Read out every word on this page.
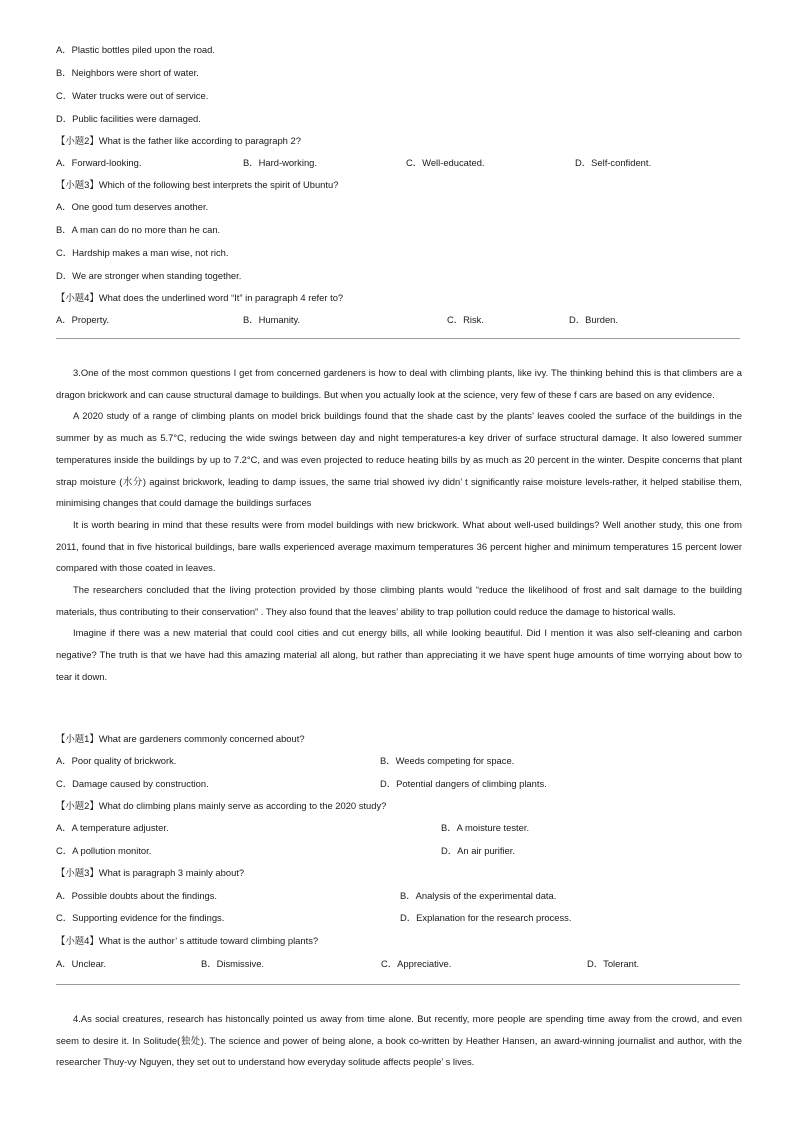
A．Plastic bottles piled upon the road.
B．Neighbors were short of water.
C．Water trucks were out of service.
D．Public facilities were damaged.
【小题2】What is the father like according to paragraph 2?
A．Forward-looking.	B．Hard-working.	C．Well-educated.	D．Self-confident.
【小题3】Which of the following best interprets the spirit of Ubuntu?
A．One good tum deserves another.
B．A man can do no more than he can.
C．Hardship makes a man wise, not rich.
D．We are stronger when standing together.
【小题4】What does the underlined word “It” in paragraph 4 refer to?
A．Property.	B．Humanity.	C．Risk.	D．Burden.

3.One of the most common questions I get from concerned gardeners is how to deal with climbing plants, like ivy. The thinking behind this is that climbers are a dragon brickwork and can cause structural damage to buildings. But when you actually look at the science, very few of these f cars are based on any evidence.

A 2020 study of a range of climbing plants on model brick buildings found that the shade cast by the plants’ leaves cooled the surface of the buildings in the summer by as much as 5.7°C, reducing the wide swings between day and night temperatures-a key driver of surface structural damage. It also lowered summer temperatures inside the buildings by up to 7.2°C, and was even projected to reduce heating bills by as much as 20 percent in the winter. Despite concerns that plant strap moisture (水分) against brickwork, leading to damp issues, the same trial showed ivy didn’ t significantly raise moisture levels-rather, it helped stabilise them, minimising changes that could damage the buildings surfaces

It is worth bearing in mind that these results were from model buildings with new brickwork. What about well-used buildings? Well another study, this one from 2011, found that in five historical buildings, bare walls experienced average maximum temperatures 36 percent higher and minimum temperatures 15 percent lower compared with those coated in leaves.

The researchers concluded that the living protection provided by those climbing plants would “reduce the likelihood of frost and salt damage to the building materials, thus contributing to their conservation” . They also found that the leaves’ ability to trap pollution could reduce the damage to historical walls.

Imagine if there was a new material that could cool cities and cut energy bills, all while looking beautiful. Did I mention it was also self-cleaning and carbon negative? The truth is that we have had this amazing material all along, but rather than appreciating it we have spent huge amounts of time worrying about bow to tear it down.

【小题1】What are gardeners commonly concerned about?
A．Poor quality of brickwork.	B．Weeds competing for space.
C．Damage caused by construction.	D．Potential dangers of climbing plants.
【小题2】What do climbing plans mainly serve as according to the 2020 study?
A．A temperature adjuster.	B．A moisture tester.
C．A pollution monitor.	D．An air purifier.
【小题3】What is paragraph 3 mainly about?
A．Possible doubts about the findings.	B．Analysis of the experimental data.
C．Supporting evidence for the findings.	D．Explanation for the research process.
【小题4】What is the author’ s attitude toward climbing plants?
A．Unclear.	B．Dismissive.	C．Appreciative.	D．Tolerant.

4.As social creatures, research has histoncally pointed us away from time alone. But recently, more people are spending time away from the crowd, and even seem to desire it. In Solitude(独处). The science and power of being alone, a book co-written by Heather Hansen, an award-winning journalist and author, with the researcher Thuy-vy Nguyen, they set out to understand how everyday solitude affects people’ s lives.
